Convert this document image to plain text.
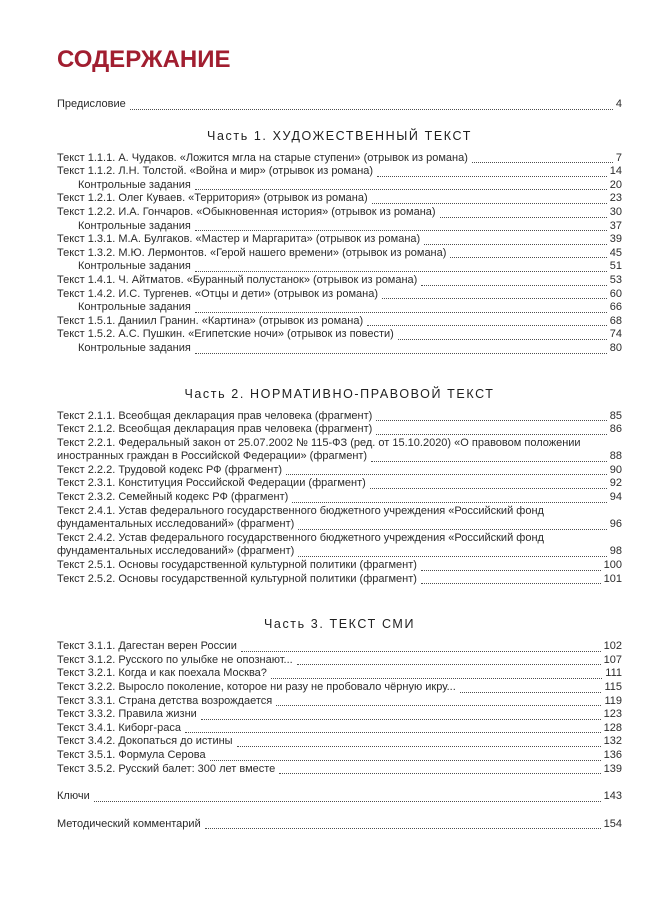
СОДЕРЖАНИЕ
Предисловие	4
Часть 1. ХУДОЖЕСТВЕННЫЙ ТЕКСТ
Текст 1.1.1. А. Чудаков. «Ложится мгла на старые ступени» (отрывок из романа)	7
Текст 1.1.2. Л.Н. Толстой. «Война и мир» (отрывок из романа)	14
Контрольные задания	20
Текст 1.2.1. Олег Куваев. «Территория» (отрывок из романа)	23
Текст 1.2.2. И.А. Гончаров. «Обыкновенная история» (отрывок из романа)	30
Контрольные задания	37
Текст 1.3.1. М.А. Булгаков. «Мастер и Маргарита» (отрывок из романа)	39
Текст 1.3.2. М.Ю. Лермонтов. «Герой нашего времени» (отрывок из романа)	45
Контрольные задания	51
Текст 1.4.1. Ч. Айтматов. «Буранный полустанок» (отрывок из романа)	53
Текст 1.4.2. И.С. Тургенев. «Отцы и дети» (отрывок из романа)	60
Контрольные задания	66
Текст 1.5.1. Даниил Гранин. «Картина» (отрывок из романа)	68
Текст 1.5.2. А.С. Пушкин. «Египетские ночи» (отрывок из повести)	74
Контрольные задания	80
Часть 2. НОРМАТИВНО-ПРАВОВОЙ ТЕКСТ
Текст 2.1.1. Всеобщая декларация прав человека (фрагмент)	85
Текст 2.1.2. Всеобщая декларация прав человека (фрагмент)	86
Текст 2.2.1. Федеральный закон от 25.07.2002 № 115-ФЗ (ред. от 15.10.2020) «О правовом положении
иностранных граждан в Российской Федерации» (фрагмент)	88
Текст 2.2.2. Трудовой кодекс РФ (фрагмент)	90
Текст 2.3.1. Конституция Российской Федерации (фрагмент)	92
Текст 2.3.2. Семейный кодекс РФ (фрагмент)	94
Текст 2.4.1. Устав федерального государственного бюджетного учреждения «Российский фонд
фундаментальных исследований» (фрагмент)	96
Текст 2.4.2. Устав федерального государственного бюджетного учреждения «Российский фонд
фундаментальных исследований» (фрагмент)	98
Текст 2.5.1. Основы государственной культурной политики (фрагмент)	100
Текст 2.5.2. Основы государственной культурной политики (фрагмент)	101
Часть 3. ТЕКСТ СМИ
Текст 3.1.1. Дагестан верен России	102
Текст 3.1.2. Русского по улыбке не опознают...	107
Текст 3.2.1. Когда и как поехала Москва?	111
Текст 3.2.2. Выросло поколение, которое ни разу не пробовало чёрную икру...	115
Текст 3.3.1. Страна детства возрождается	119
Текст 3.3.2. Правила жизни	123
Текст 3.4.1. Киборг-раса	128
Текст 3.4.2. Докопаться до истины	132
Текст 3.5.1. Формула Серова	136
Текст 3.5.2. Русский балет: 300 лет вместе	139
Ключи	143
Методический комментарий	154
